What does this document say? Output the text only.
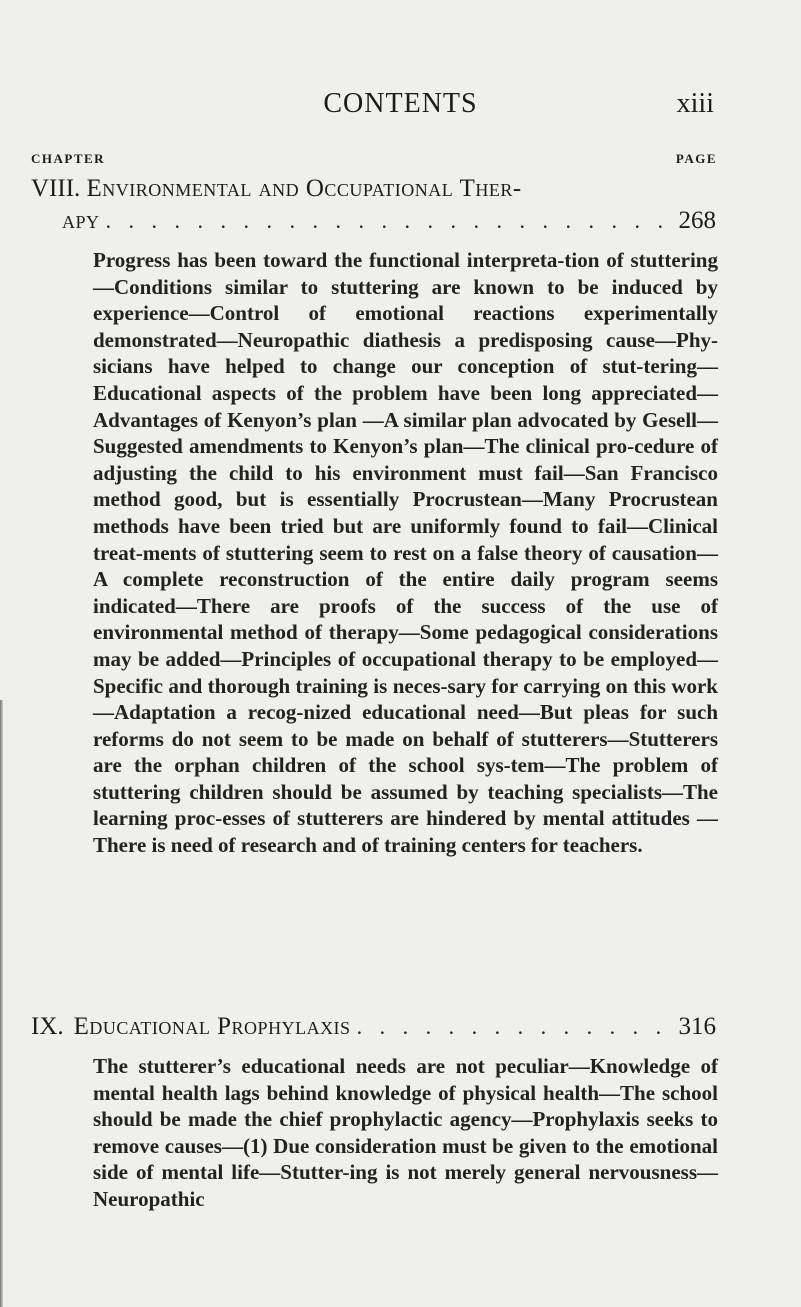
CONTENTS	xiii
CHAPTER	PAGE
VIII. Environmental and Occupational Ther-
apy . . .	268
Progress has been toward the functional interpreta-tion of stuttering—Conditions similar to stuttering are known to be induced by experience—Control of emotional reactions experimentally demonstrated—Neuropathic diathesis a predisposing cause—Phy-sicians have helped to change our conception of stut-tering—Educational aspects of the problem have been long appreciated—Advantages of Kenyon’s plan —A similar plan advocated by Gesell—Suggested amendments to Kenyon’s plan—The clinical pro-cedure of adjusting the child to his environment must fail—San Francisco method good, but is essentially Procrustean—Many Procrustean methods have been tried but are uniformly found to fail—Clinical treat-ments of stuttering seem to rest on a false theory of causation—A complete reconstruction of the entire daily program seems indicated—There are proofs of the success of the use of environmental method of therapy—Some pedagogical considerations may be added—Principles of occupational therapy to be employed—Specific and thorough training is neces-sary for carrying on this work—Adaptation a recog-nized educational need—But pleas for such reforms do not seem to be made on behalf of stutterers—Stutterers are the orphan children of the school sys-tem—The problem of stuttering children should be assumed by teaching specialists—The learning proc-esses of stutterers are hindered by mental attitudes —There is need of research and of training centers for teachers.
IX. Educational Prophylaxis . . .	316
The stutterer’s educational needs are not peculiar—Knowledge of mental health lags behind knowledge of physical health—The school should be made the chief prophylactic agency—Prophylaxis seeks to remove causes—(1) Due consideration must be given to the emotional side of mental life—Stutter-ing is not merely general nervousness—Neuropathic
